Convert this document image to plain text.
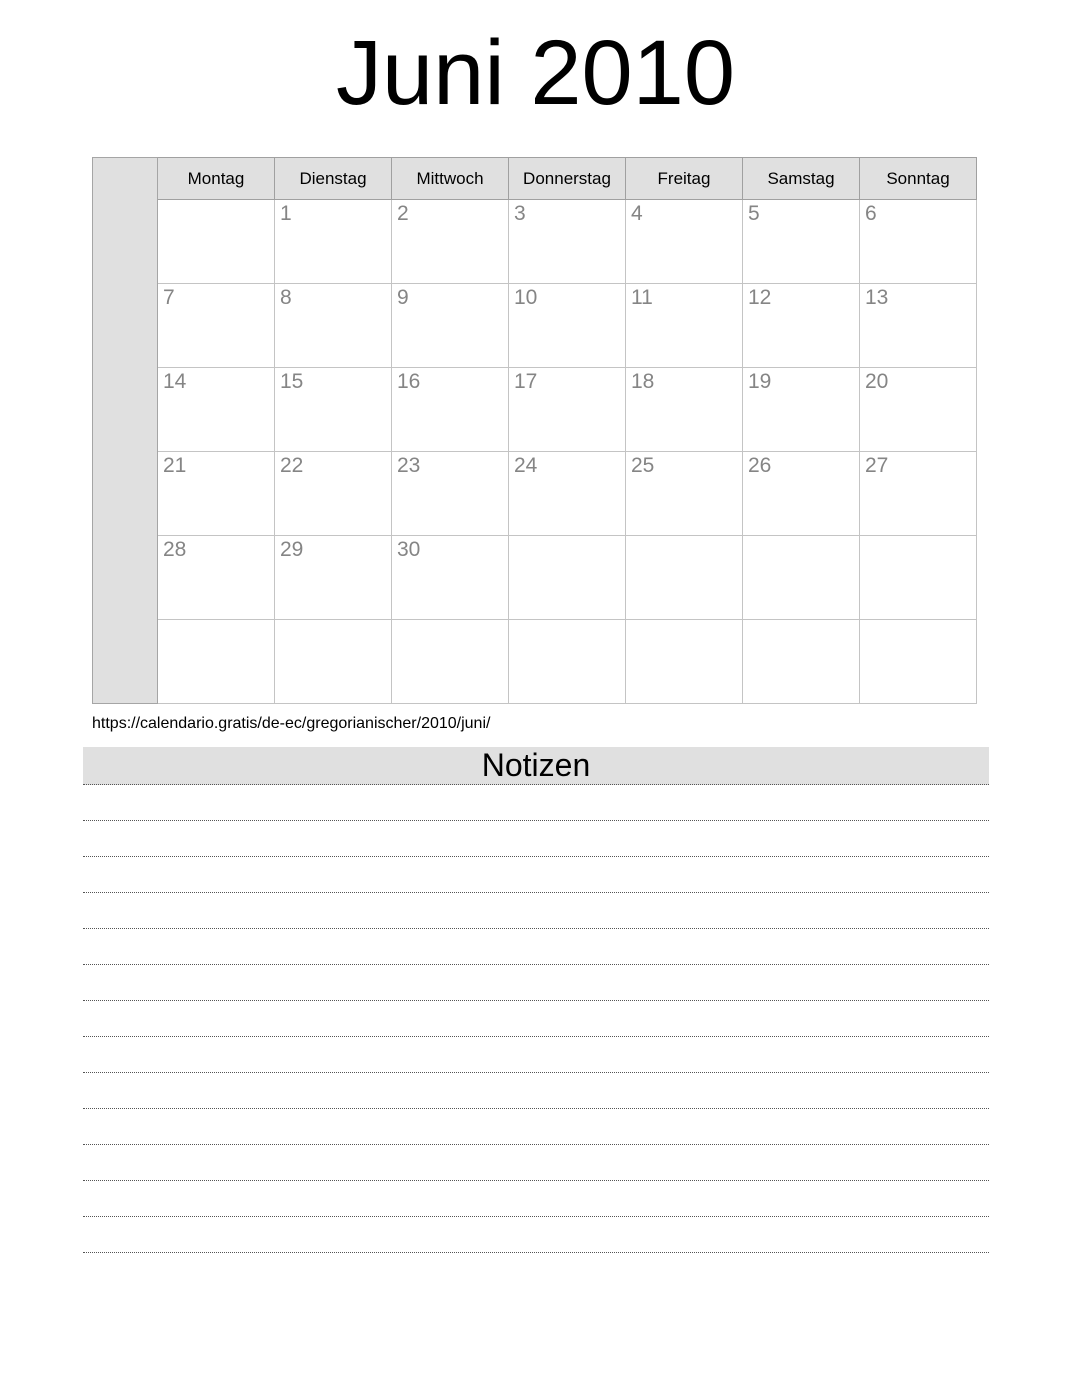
Juni 2010
	Montag	Dienstag	Mittwoch	Donnerstag	Freitag	Samstag	Sonntag

		1	2	3	4	5	6

	7	8	9	10	11	12	13

	14	15	16	17	18	19	20

	21	22	23	24	25	26	27

	28	29	30				

https://calendario.gratis/de-ec/gregorianischer/2010/juni/

Notizen
